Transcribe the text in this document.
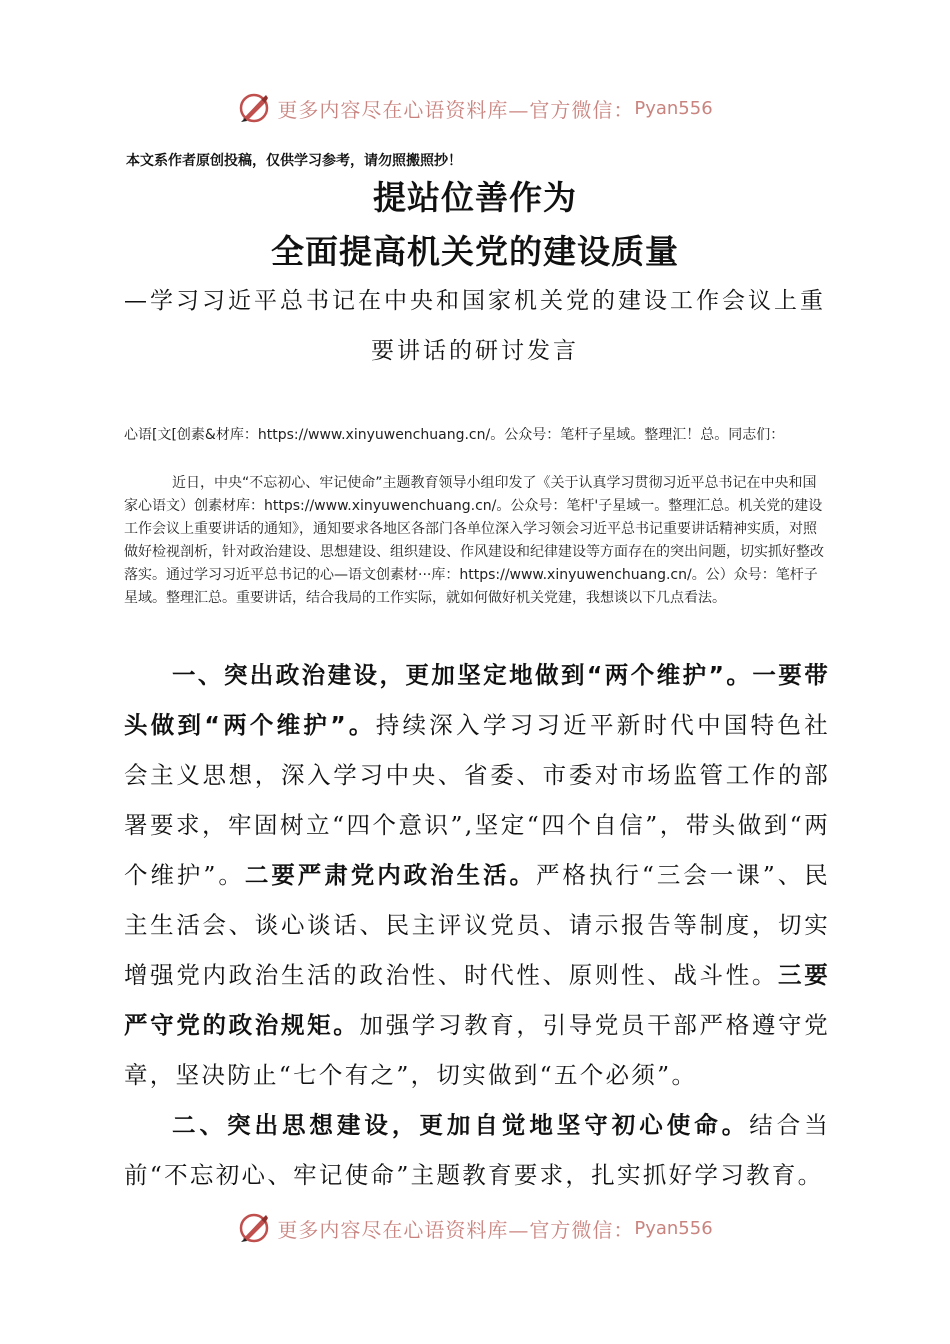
更多内容尽在心语资料库—官方微信： Pyan556
本文系作者原创投稿，仅供学习参考，请勿照搬照抄！
提站位善作为
全面提高机关党的建设质量
—学习习近平总书记在中央和国家机关党的建设工作会议上重
要讲话的研讨发言
心语[文[创素&材库：https://www.xinyuwenchuang.cn/。公众号：笔杆子星域。整理汇！总。同志们：
近日，中央“不忘初心、牢记使命”主题教育领导小组印发了《关于认真学习贯彻习近平总书记在中央和国家心语文）创素材库：https://www.xinyuwenchuang.cn/。公众号：笔杆'子星域一。整理汇总。机关党的建设工作会议上重要讲话的通知》，通知要求各地区各部门各单位深入学习领会习近平总书记重要讲话精神实质，对照做好检视剖析，针对政治建设、思想建设、组织建设、作风建设和纪律建设等方面存在的突出问题，切实抓好整改落实。通过学习习近平总书记的心—语文创素材···库：https://www.xinyuwenchuang.cn/。公）众号：笔杆子星域。整理汇总。重要讲话，结合我局的工作实际，就如何做好机关党建，我想谈以下几点看法。
一、突出政治建设，更加坚定地做到“两个维护”。一要带头做到“两个维护”。持续深入学习习近平新时代中国特色社会主义思想，深入学习中央、省委、市委对市场监管工作的部署要求，牢固树立“四个意识”,坚定“四个自信”，带头做到“两个维护”。二要严肃党内政治生活。严格执行“三会一课”、民主生活会、谈心谈话、民主评议党员、请示报告等制度，切实增强党内政治生活的政治性、时代性、原则性、战斗性。三要严守党的政治规矩。加强学习教育，引导党员干部严格遵守党章，坚决防止“七个有之”，切实做到“五个必须”。
二、突出思想建设，更加自觉地坚守初心使命。结合当前“不忘初心、牢记使命”主题教育要求，扎实抓好学习教育。
更多内容尽在心语资料库—官方微信： Pyan556
